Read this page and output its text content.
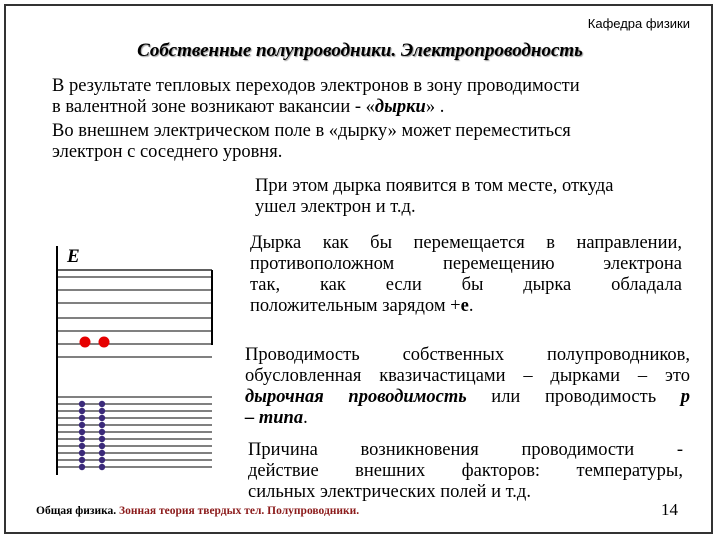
Кафедра физики
Собственные полупроводники. Электропроводность
В результате тепловых переходов электронов в зону проводимости
в валентной зоне возникают вакансии - «дырки» .
Во внешнем электрическом поле в «дырку» может переместиться
электрон с соседнего уровня.
При этом дырка появится в том месте, откуда
ушел электрон и т.д.
Дырка как бы перемещается в направлении,
противоположном перемещению электрона
так, как если бы дырка обладала
положительным зарядом +е.
Проводимость собственных полупроводников,
обусловленная квазичастицами – дырками – это
дырочная проводимость или проводимость р
– типа.
Причина возникновения проводимости -
действие внешних факторов: температуры,
сильных электрических полей и т.д.
E
Общая физика. Зонная теория твердых тел. Полупроводники.	14
